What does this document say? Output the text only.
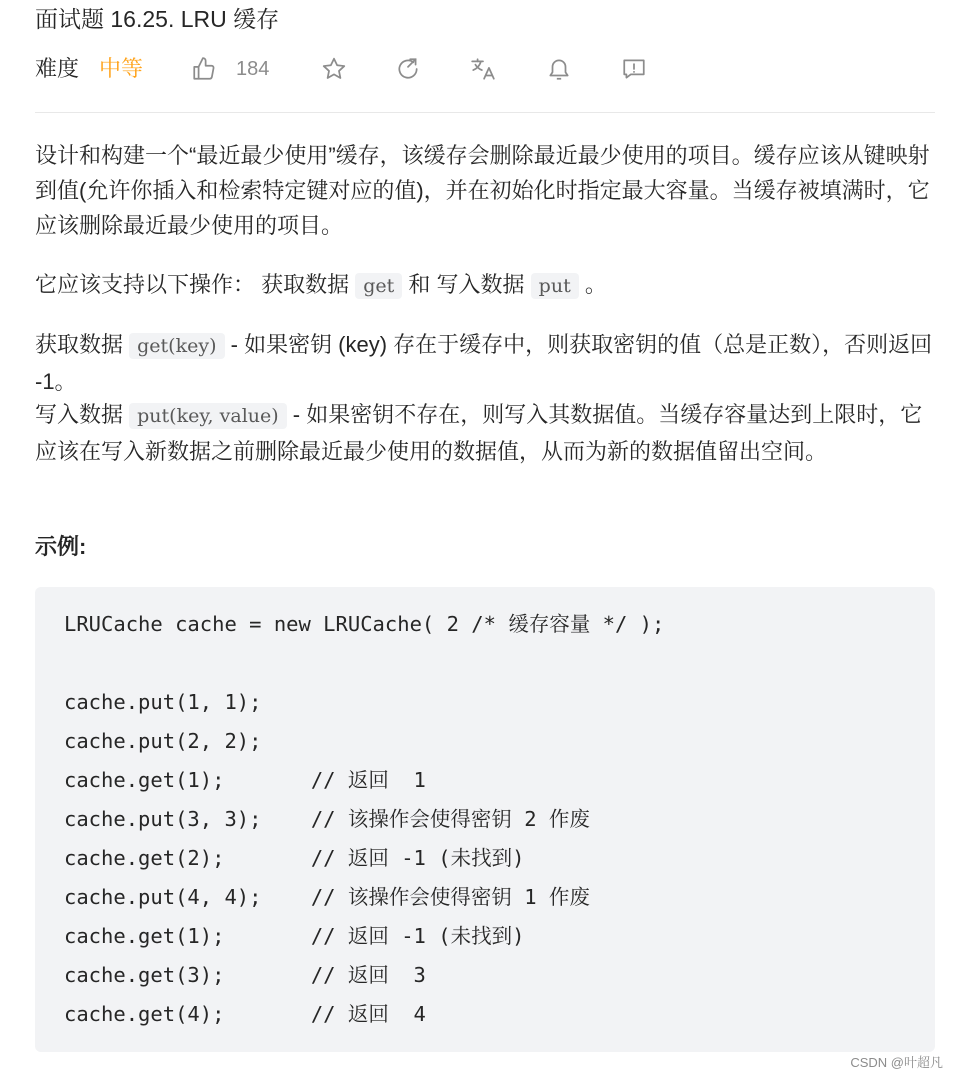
面试题 16.25. LRU 缓存
难度 中等	184

设计和构建一个“最近最少使用”缓存，该缓存会删除最近最少使用的项目。缓存应该从键映射到值(允许你插入和检索特定键对应的值)，并在初始化时指定最大容量。当缓存被填满时，它应该删除最近最少使用的项目。

它应该支持以下操作： 获取数据 get 和 写入数据 put 。

获取数据 get(key) - 如果密钥 (key) 存在于缓存中，则获取密钥的值（总是正数），否则返回 -1。

写入数据 put(key, value) - 如果密钥不存在，则写入其数据值。当缓存容量达到上限时，它应该在写入新数据之前删除最近最少使用的数据值，从而为新的数据值留出空间。

示例:
LRUCache cache = new LRUCache( 2 /* 缓存容量 */ );
cache.put(1, 1);
cache.put(2, 2);
cache.get(1);       // 返回  1
cache.put(3, 3);    // 该操作会使得密钥 2 作废
cache.get(2);       // 返回 -1 (未找到)
cache.put(4, 4);    // 该操作会使得密钥 1 作废
cache.get(1);       // 返回 -1 (未找到)
cache.get(3);       // 返回  3
cache.get(4);       // 返回  4
CSDN @叶超凡
